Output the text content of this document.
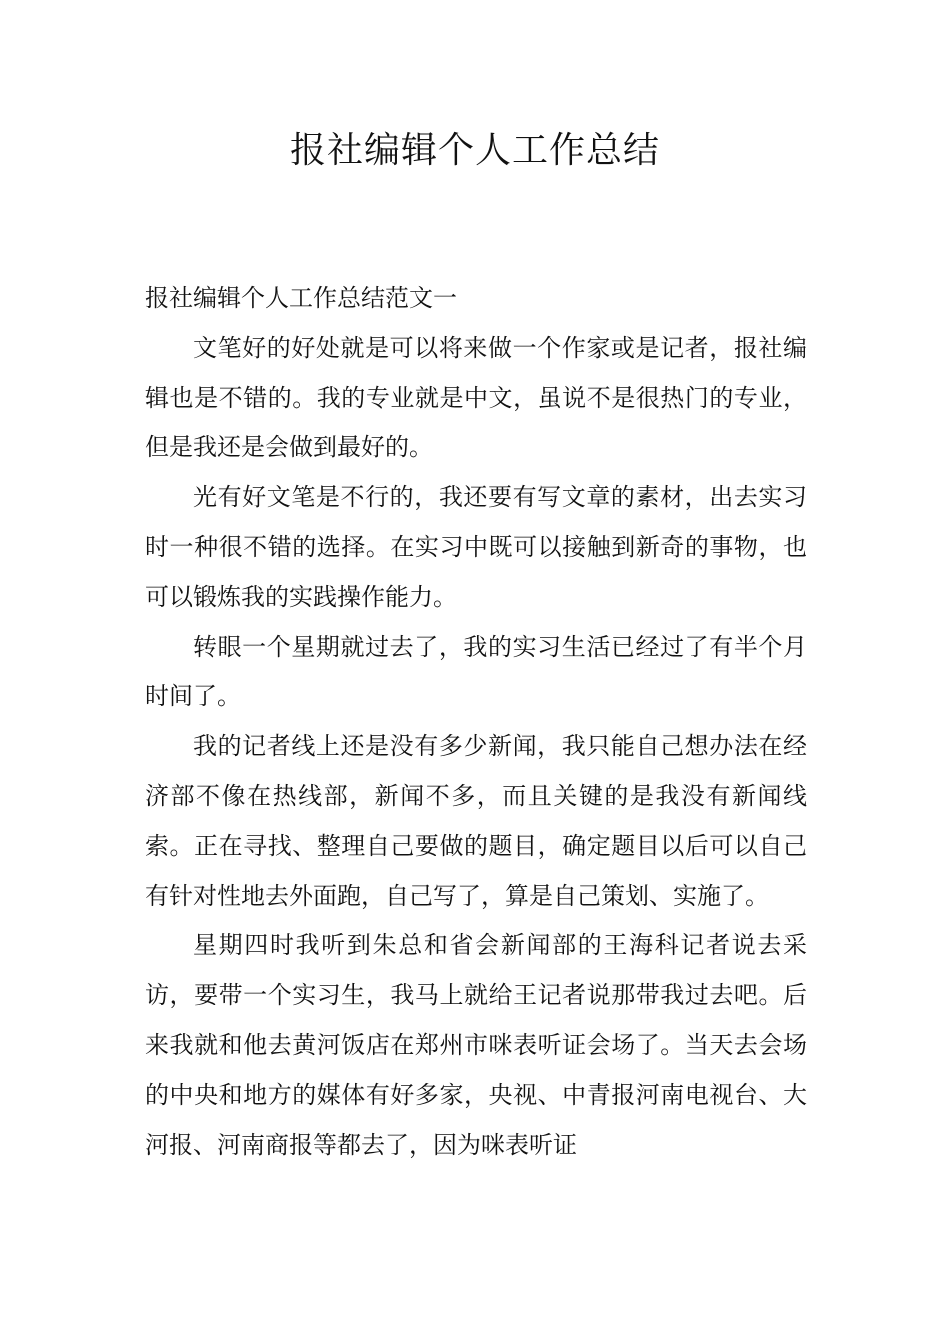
报社编辑个人工作总结

报社编辑个人工作总结范文一

文笔好的好处就是可以将来做一个作家或是记者，报社编辑也是不错的。我的专业就是中文，虽说不是很热门的专业，但是我还是会做到最好的。

光有好文笔是不行的，我还要有写文章的素材，出去实习时一种很不错的选择。在实习中既可以接触到新奇的事物，也可以锻炼我的实践操作能力。

转眼一个星期就过去了，我的实习生活已经过了有半个月时间了。

我的记者线上还是没有多少新闻，我只能自己想办法在经济部不像在热线部，新闻不多，而且关键的是我没有新闻线索。正在寻找、整理自己要做的题目，确定题目以后可以自己有针对性地去外面跑，自己写了，算是自己策划、实施了。

星期四时我听到朱总和省会新闻部的王海科记者说去采访，要带一个实习生，我马上就给王记者说那带我过去吧。后来我就和他去黄河饭店在郑州市咪表听证会场了。当天去会场的中央和地方的媒体有好多家，央视、中青报河南电视台、大河报、河南商报等都去了，因为咪表听证
